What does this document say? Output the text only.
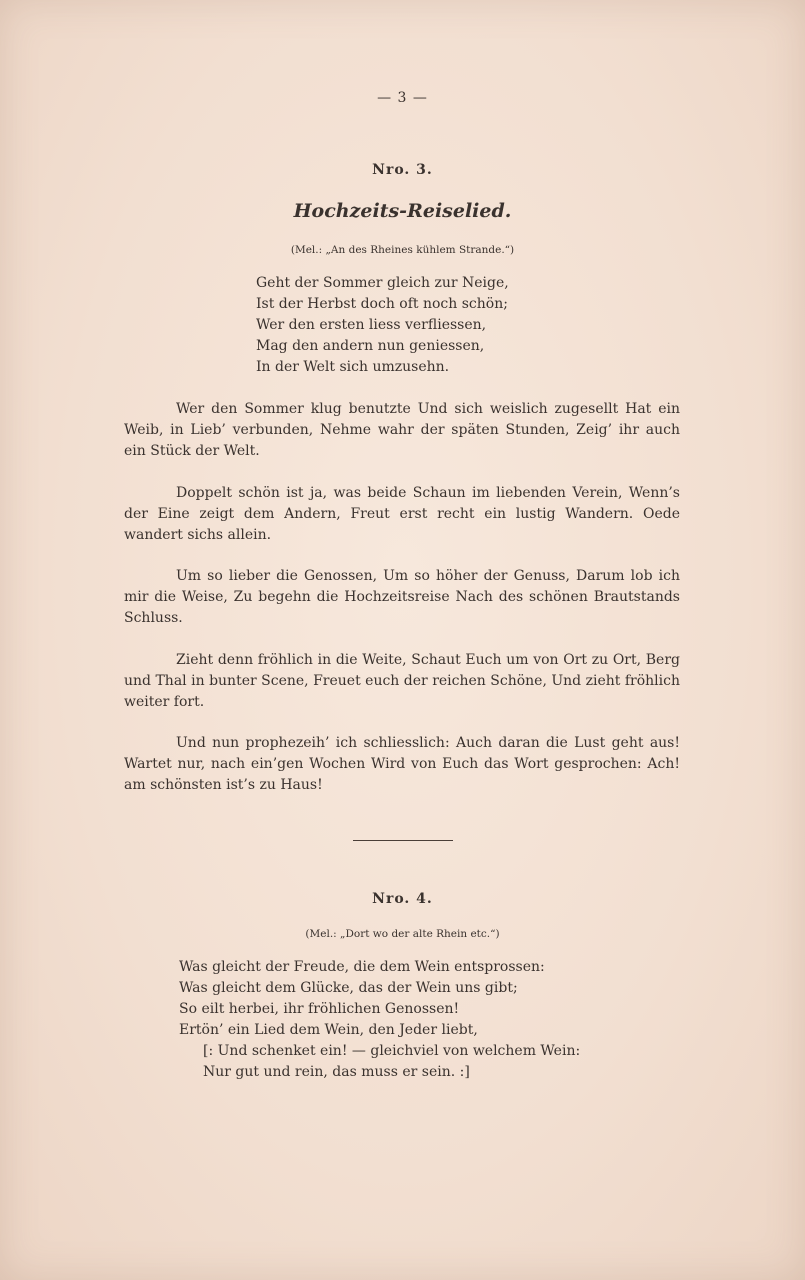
— 3 —
Nro. 3.
Hochzeits-Reiselied.
(Mel.: „An des Rheines kühlem Strande.“)
Geht der Sommer gleich zur Neige,
Ist der Herbst doch oft noch schön;
Wer den ersten liess verfliessen,
Mag den andern nun geniessen,
In der Welt sich umzusehn.
Wer den Sommer klug benutzte Und sich weislich zugesellt Hat ein Weib, in Lieb’ verbunden, Nehme wahr der späten Stunden, Zeig’ ihr auch ein Stück der Welt.
Doppelt schön ist ja, was beide Schaun im liebenden Verein, Wenn’s der Eine zeigt dem Andern, Freut erst recht ein lustig Wandern. Oede wandert sichs allein.
Um so lieber die Genossen, Um so höher der Genuss, Darum lob ich mir die Weise, Zu begehn die Hochzeitsreise Nach des schönen Brautstands Schluss.
Zieht denn fröhlich in die Weite, Schaut Euch um von Ort zu Ort, Berg und Thal in bunter Scene, Freuet euch der reichen Schöne, Und zieht fröhlich weiter fort.
Und nun prophezeih’ ich schliesslich: Auch daran die Lust geht aus! Wartet nur, nach ein’gen Wochen Wird von Euch das Wort gesprochen: Ach! am schönsten ist’s zu Haus!
Nro. 4.
(Mel.: „Dort wo der alte Rhein etc.“)
Was gleicht der Freude, die dem Wein entsprossen:
Was gleicht dem Glücke, das der Wein uns gibt;
So eilt herbei, ihr fröhlichen Genossen!
Ertön’ ein Lied dem Wein, den Jeder liebt,
[: Und schenket ein! — gleichviel von welchem Wein:
Nur gut und rein, das muss er sein. :]
